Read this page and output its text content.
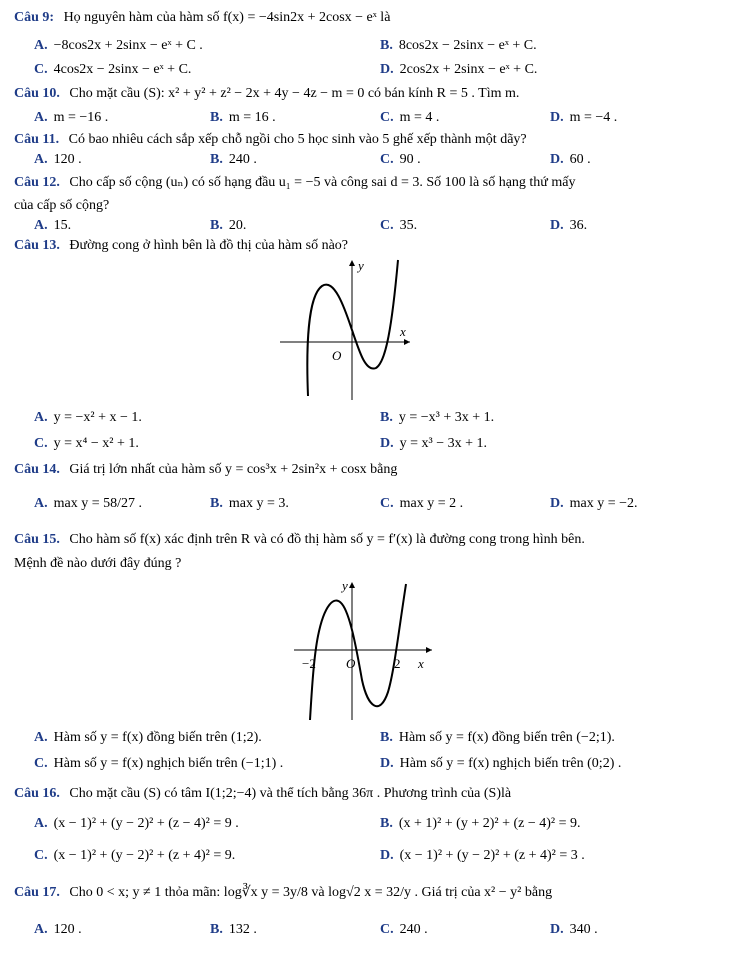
Câu 9: Họ nguyên hàm của hàm số f(x) = −4sin2x + 2cosx − eˣ là
A. −8cos2x + 2sinx − eˣ + C .	B. 8cos2x − 2sinx − eˣ + C.
C. 4cos2x − 2sinx − eˣ + C.	D. 2cos2x + 2sinx − eˣ + C.
Câu 10. Cho mặt cầu (S): x² + y² + z² − 2x + 4y − 4z − m = 0 có bán kính R = 5 . Tìm m.
A. m = −16 .	B. m = 16 .	C. m = 4 .	D. m = −4 .
Câu 11. Có bao nhiêu cách sắp xếp chỗ ngồi cho 5 học sinh vào 5 ghế xếp thành một dãy?
A. 120 .	B. 240 .	C. 90 .	D. 60 .
Câu 12. Cho cấp số cộng (uₙ) có số hạng đầu u₁ = −5 và công sai d = 3. Số 100 là số hạng thứ mấy
của cấp số cộng?
A. 15.	B. 20.	C. 35.	D. 36.
Câu 13. Đường cong ở hình bên là đồ thị của hàm số nào?
y
x
O
A. y = −x² + x − 1.	B. y = −x³ + 3x + 1.
C. y = x⁴ − x² + 1.	D. y = x³ − 3x + 1.
Câu 14. Giá trị lớn nhất của hàm số y = cos³x + 2sin²x + cosx bằng
A. max y = 58/27 .	B. max y = 3.	C. max y = 2 .	D. max y = −2.
Câu 15. Cho hàm số f(x) xác định trên R và có đồ thị hàm số y = f′(x) là đường cong trong hình bên.
Mệnh đề nào dưới đây đúng ?
y
x
O
−2	2
A. Hàm số y = f(x) đồng biến trên (1;2).	B. Hàm số y = f(x) đồng biến trên (−2;1).
C. Hàm số y = f(x) nghịch biến trên (−1;1) .	D. Hàm số y = f(x) nghịch biến trên (0;2) .
Câu 16. Cho mặt cầu (S) có tâm I(1;2;−4) và thể tích bằng 36π . Phương trình của (S)là
A. (x − 1)² + (y − 2)² + (z − 4)² = 9 .	B. (x + 1)² + (y + 2)² + (z − 4)² = 9.
C. (x − 1)² + (y − 2)² + (z + 4)² = 9.	D. (x − 1)² + (y − 2)² + (z + 4)² = 3 .
Câu 17. Cho 0 < x; y ≠ 1 thỏa mãn: log∛x y = 3y/8 và log√2 x = 32/y . Giá trị của x² − y² bằng
A. 120 .	B. 132 .	C. 240 .	D. 340 .
